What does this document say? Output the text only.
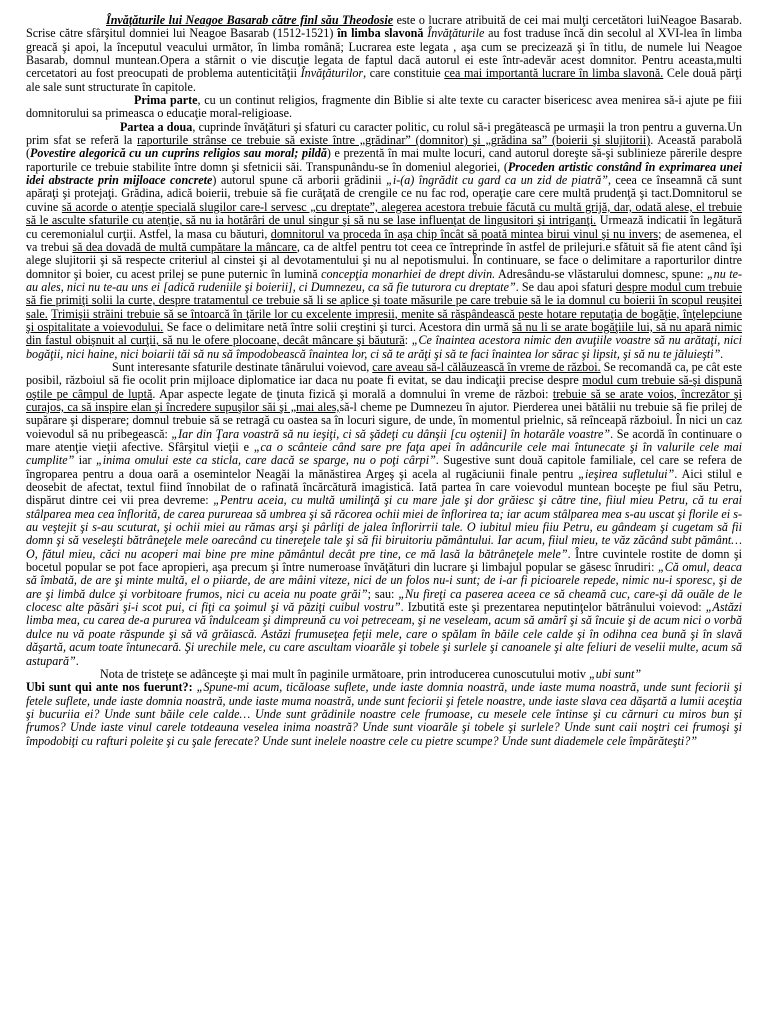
Învăţăturile lui Neagoe Basarab către finl său Theodosie este o lucrare atribuită de cei mai mulţi cercetători luiNeagoe Basarab. Scrise către sfârşitul domniei lui Neagoe Basarab (1512-1521) în limba slavonă Învăţăturile au fost traduse încă din secolul al XVI-lea în limba greacă şi apoi, la începutul veacului următor, în limba română; Lucrarea este legata , aşa cum se precizează şi în titlu, de numele lui Neagoe Basarab, domnul muntean.Opera a stârnit o vie discuţie legata de faptul dacă autorul ei este într-adevăr acest domnitor. Pentru aceasta,multi cercetatori au fost preocupati de problema autenticităţii Învăţăturilor, care constituie cea mai importantă lucrare în limba slavonă. Cele două părţi ale sale sunt structurate în capitole.

Prima parte, cu un continut religios, fragmente din Biblie si alte texte cu caracter bisericesc avea menirea să-i ajute pe fiii domnitorului sa primeasca o educaţie moral-religioase.

Partea a doua, cuprinde învăţături şi sfaturi cu caracter politic, cu rolul să-i pregătească pe urmaşii la tron pentru a guverna.Un prim sfat se referă la raporturile strânse ce trebuie să existe între „grădinar” (domnitor) şi „grădina sa” (boierii şi slujitorii). Această parabolă (Povestire alegorică cu un cuprins religios sau moral; pildă) e prezentă în mai multe locuri, cand autorul doreşte să-şi sublinieze părerile despre raporturile ce trebuie stabilite între domn şi sfetnicii săi. Transpunându-se în domeniul alegoriei, (Proceden artistic constând în exprimarea unei idei abstracte prin mijloace concrete) autorul spune că arborii grădinii „i-(a) îngrădit cu gard ca un zid de piatră”, ceea ce înseamnă că sunt apăraţi şi protejaţi. Grădina, adică boierii, trebuie să fie curăţată de crengile ce nu fac rod, operaţie care cere multă prudenţă şi tact.Domnitorul se cuvine să acorde o atenţie specială slugilor care-l servesc „cu dreptate”, alegerea acestora trebuie făcută cu multă grijă, dar, odată alese, el trebuie să le asculte sfaturile cu atenţie, să nu ia hotărâri de unul singur şi să nu se lase influenţat de lingusitori şi intriganţi. Urmează indicatii în legătură cu ceremonialul curţii. Astfel, la masa cu băuturi, domnitorul va proceda în aşa chip încât să poată mintea birui vinul şi nu invers; de asemenea, el va trebui să dea dovadă de multă cumpătare la mâncare, ca de altfel pentru tot ceea ce întreprinde în astfel de prilejuri.e sfătuit să fie atent când îşi alege slujitorii şi să respecte criteriul al cinstei şi al devotamentului şi nu al nepotismului. În continuare, se face o delimitare a raporturilor dintre domnitor şi boier, cu acest prilej se pune puternic în lumină concepţia monarhiei de drept divin. Adresându-se vlăstarului domnesc, spune: „nu te-au ales, nici nu te-au uns ei [adică rudeniile şi boierii], ci Dumnezeu, ca să fie tuturora cu dreptate”. Se dau apoi sfaturi despre modul cum trebuie să fie primiţi solii la curte, despre tratamentul ce trebuie să li se aplice şi toate măsurile pe care trebuie să le ia domnul cu boierii în scopul reuşitei sale. Trimişii străini trebuie să se întoarcă în ţările lor cu excelente impresii, menite să răspândească peste hotare reputaţia de bogăţie, înţelepciune şi ospitalitate a voievodului. Se face o delimitare netă între solii creştini şi turci. Acestora din urmă să nu li se arate bogăţiile lui, să nu apară nimic din fastul obişnuit al curţii, să nu le ofere plocoane, decât mâncare şi băutură: „Ce înaintea acestora nimic den avuţiile voastre să nu arătaţi, nici bogăţii, nici haine, nici boiarii tăi să nu să împodobească înaintea lor, ci să te arăţi şi să te faci înaintea lor sărac şi lipsit, şi să nu te jăluieşti”.

Sunt interesante sfaturile destinate tânărului voievod, care aveau să-l călăuzească în vreme de război. Se recomandă ca, pe cât este posibil, războiul să fie ocolit prin mijloace diplomatice iar daca nu poate fi evitat, se dau indicaţii precise despre modul cum trebuie să-şi dispună oştile pe câmpul de luptă. Apar aspecte legate de ţinuta fizică şi morală a domnului în vreme de război: trebuie să se arate voios, încrezător şi curajos, ca să inspire elan şi încredere supuşilor săi şi „mai ales,să-l cheme pe Dumnezeu în ajutor. Pierderea unei bătălii nu trebuie să fie prilej de supărare şi disperare; domnul trebuie să se retragă cu oastea sa în locuri sigure, de unde, în momentul prielnic, să reînceapă războiul. În nici un caz voievodul să nu pribegească: „Iar din Ţara voastră să nu ieşiţi, ci să şădeţi cu dânşii [cu oştenii] în hotarăle voastre”. Se acordă în continuare o mare atenţie vieţii afective. Sfârşitul vieţii e „ca o scânteie când sare pre faţa apei în adâncurile cele mai întunecate şi în valurile cele mai cumplite” iar „inima omului este ca sticla, care dacă se sparge, nu o poţi cârpi”. Sugestive sunt două capitole familiale, cel care se refera de îngroparea pentru a doua oară a osemintelor Neagăi la mănăstirea Argeş şi acela al rugăciunii finale pentru „ieşirea sufletului”. Aici stilul e deosebit de afectat, textul fiind înnobilat de o rafinată încărcătură imagistică. Iată partea în care voievodul muntean boceşte pe fiul său Petru, dispărut dintre cei vii prea devreme: „Pentru aceia, cu multă umilinţă şi cu mare jale şi dor grăiesc şi către tine, fiiul mieu Petru, că tu erai stâlparea mea cea înflorită, de carea purureaa să umbrea şi să răcorea ochii miei de înflorirea ta; iar acum stâlparea mea s-au uscat şi florile ei s-au veştejit şi s-au scuturat, şi ochii miei au rămas arşi şi pârliţi de jalea înflorirrii tale. O iubitul mieu fiiu Petru, eu gândeam şi cugetam să fii domn şi să veseleşti bătrâneţele mele oarecând cu tinereţele tale şi să fii biruitoriu pământului. Iar acum, fiiul mieu, te văz zăcând subt pământ… O, fătul mieu, căci nu acoperi mai bine pre mine pământul decât pre tine, ce mă lasă la bătrâneţele mele”. Între cuvintele rostite de domn şi bocetul popular se pot face apropieri, aşa precum şi între numeroase învăţături din lucrare şi limbajul popular se găsesc înrudiri: „Că omul, deaca să îmbată, de are şi minte multă, el o piiarde, de are mâini viteze, nici de un folos nu-i sunt; de i-ar fi picioarele repede, nimic nu-i sporesc, şi de are şi limbă dulce şi vorbitoare frumos, nici cu aceia nu poate grăi”; sau: „Nu fireţi ca paserea aceea ce să cheamă cuc, care-şi dă ouăle de le clocesc alte păsări şi-i scot pui, ci fiţi ca şoimul şi vă păziţi cuibul vostru”. Izbutită este şi prezentarea neputinţelor bătrânului voievod: „Astăzi limba mea, cu carea de-a pururea vă îndulceam şi dimpreună cu voi petreceam, şi ne veseleam, acum să amărî şi să încuie şi de acum nici o vorbă dulce nu vă poate răspunde şi să vă grăiască. Astăzi frumuseţea feţii mele, care o spălam în băile cele calde şi în odihna cea bună şi în slavă dăşartă, acum toate întunecară. Şi urechile mele, cu care ascultam vioarăle şi tobele şi surlele şi canoanele şi alte feliuri de veselii multe, acum să astupară”.

Nota de tristeţe se adânceşte şi mai mult în paginile următoare, prin introducerea cunoscutului motiv „ubi sunt”

Ubi sunt qui ante nos fuerunt?: „Spune-mi acum, ticăloase suflete, unde iaste domnia noastră, unde iaste muma noastră, unde sunt feciorii şi fetele suflete, unde iaste domnia noastră, unde iaste muma noastră, unde sunt feciorii şi fetele noastre, unde iaste slava cea dăşartă a lumii aceştia şi bucuriia ei? Unde sunt băile cele calde… Unde sunt grădinile noastre cele frumoase, cu mesele cele întinse şi cu cărnuri cu miros bun şi frumos? Unde iaste vinul carele totdeauna veselea inima noastră? Unde sunt vioarăle şi tobele şi surlele? Unde sunt caii noştri cei frumoşi şi împodobiţi cu rafturi poleite şi cu şale ferecate? Unde sunt inelele noastre cele cu pietre scumpe? Unde sunt diademele cele împărăteşti?”
